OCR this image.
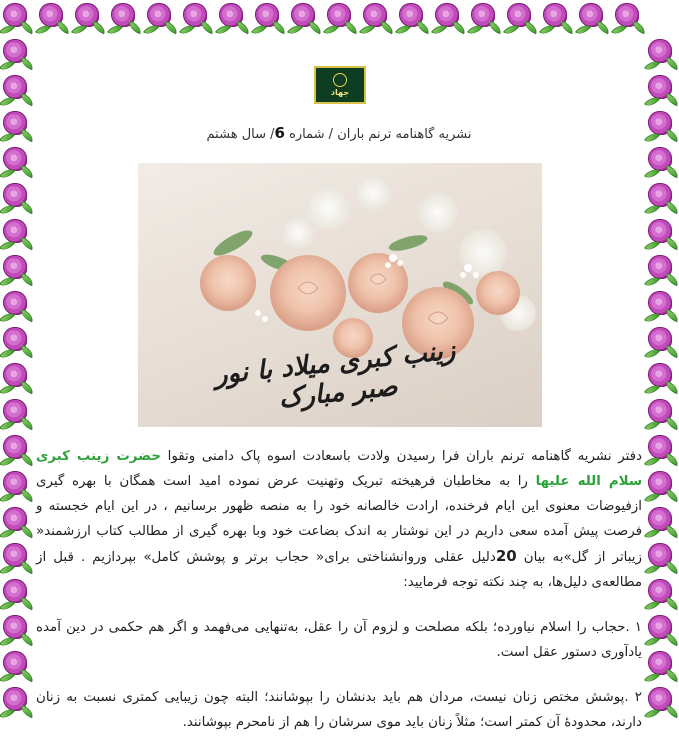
جهاد
نشریه گاهنامه ترنم باران / شماره 6/ سال هشتم
زینب کبری میلاد با نور صبر مبارک

دفتر نشریه گاهنامه ترنم باران فرا رسیدن ولادت باسعادت اسوه پاک دامنی وتقوا حضرت زینب کبری سلام الله علیها را به مخاطبان فرهیخته تبریک وتهنیت عرض نموده امید است همگان با بهره گیری ازفیوضات معنوی این ایام فرخنده، ارادت خالصانه خود را به منصه ظهور برسانیم ، در این ایام خجسته و فرصت پیش آمده سعی داریم در این نوشتار به اندک بضاعت خود وبا بهره گیری از مطالب کتاب ارزشمند« زیباتر از گل»به بیان 20دلیل عقلی وروانشناختی برای« حجاب برتر و پوشش کامل» بپردازیم . قبل از مطالعه‌ی دلیل‌ها، به چند نکته توجه فرمایید:

۱ .حجاب را اسلام نیاورده؛ بلکه مصلحت و لزوم آن را عقل، به‌تنهایی می‌فهمد و اگر هم حکمی در دین آمده یادآوری دستور عقل است.

۲ .پوشش مختص زنان نیست، مردان هم باید بدنشان را بپوشانند؛ البته چون زیبایی کمتری نسبت به زنان دارند، محدودهٔ آن کمتر است؛ مثلاً زنان باید موی سرشان را هم از نامحرم بپوشانند.
